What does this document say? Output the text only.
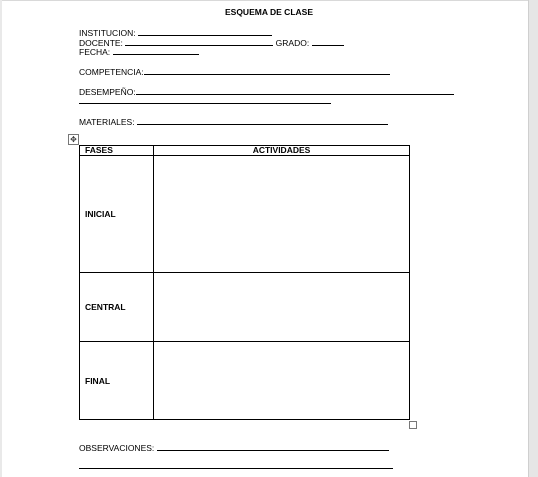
ESQUEMA DE CLASE
INSTITUCION:
DOCENTE:	GRADO:
FECHA:
COMPETENCIA:
DESEMPEÑO:
MATERIALES:
✥
FASES	ACTIVIDADES
INICIAL	
CENTRAL	
FINAL	
OBSERVACIONES:
